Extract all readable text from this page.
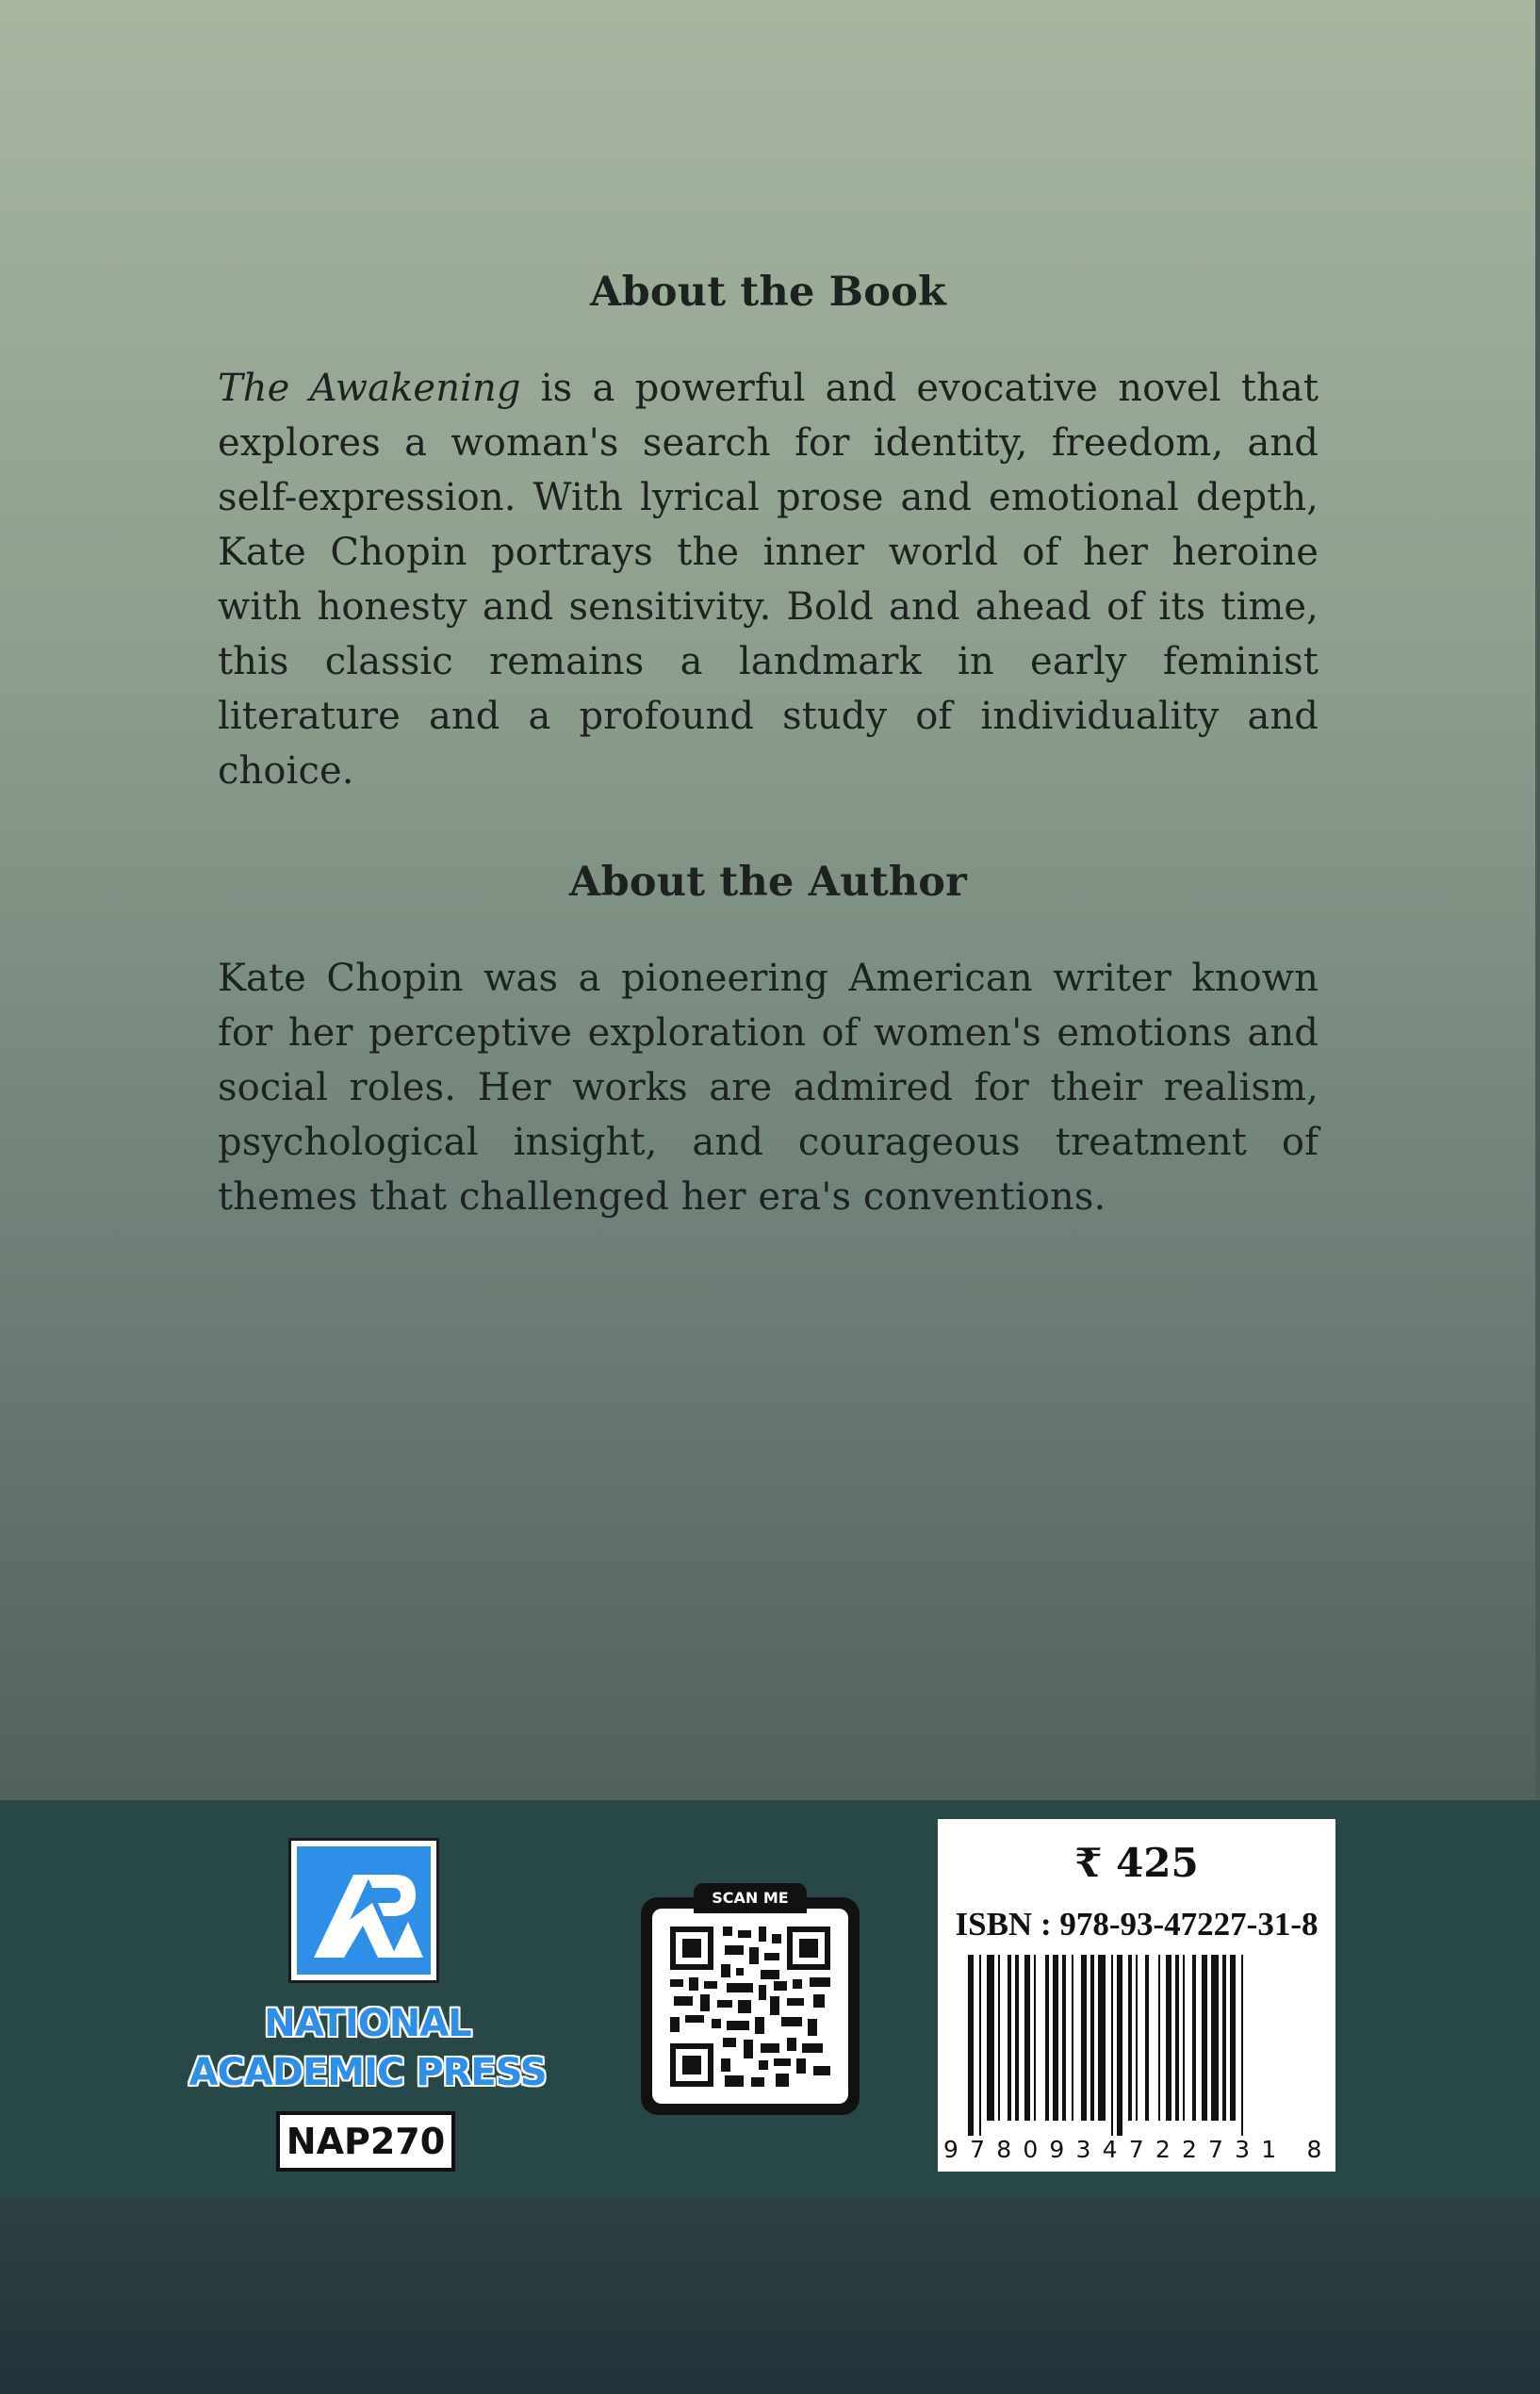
About the Book

The Awakening is a powerful and evocative novel that explores a woman's search for identity, freedom, and self-expression. With lyrical prose and emotional depth, Kate Chopin portrays the inner world of her heroine with honesty and sensitivity. Bold and ahead of its time, this classic remains a landmark in early feminist literature and a profound study of individuality and choice.

About the Author

Kate Chopin was a pioneering American writer known for her perceptive exploration of women's emotions and social roles. Her works are admired for their realism, psychological insight, and courageous treatment of themes that challenged her era's conventions.

NATIONAL
ACADEMIC PRESS
NAP270
SCAN ME
₹ 425
ISBN : 978-93-47227-31-8
9780934722731 8
